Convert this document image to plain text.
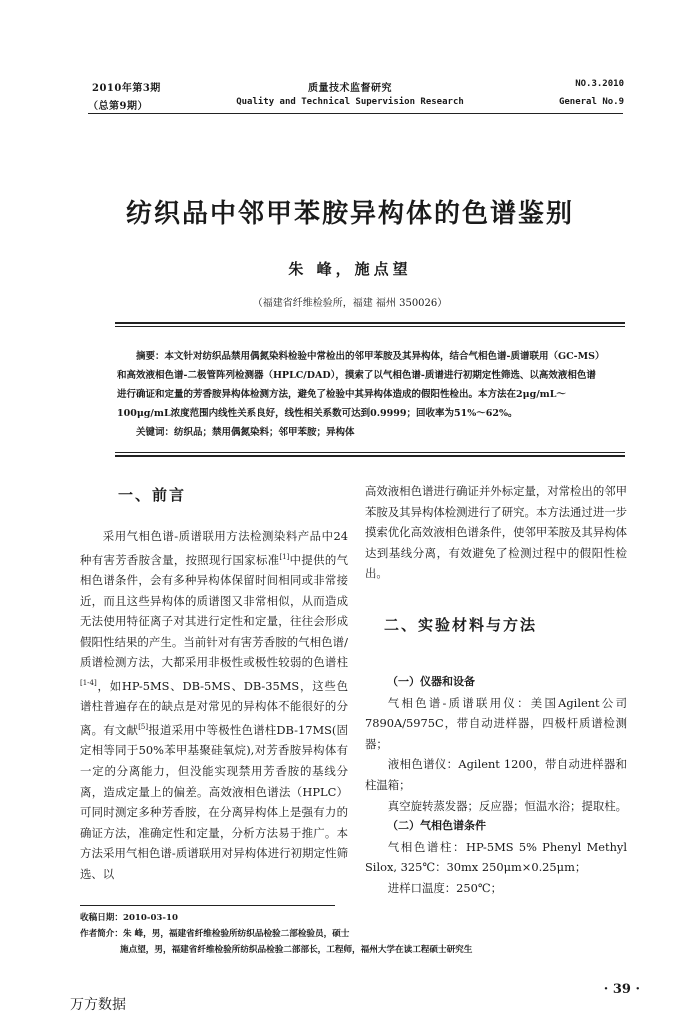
2010年第3期
（总第9期）
质量技术监督研究
Quality and Technical Supervision Research
NO.3.2010
General No.9
纺织品中邻甲苯胺异构体的色谱鉴别
朱 峰，施点望
（福建省纤维检验所，福建 福州 350026）
摘要：本文针对纺织品禁用偶氮染料检验中常检出的邻甲苯胺及其异构体，结合气相色谱-质谱联用（GC-MS）和高效液相色谱-二极管阵列检测器（HPLC/DAD），摸索了以气相色谱-质谱进行初期定性筛选、以高效液相色谱进行确证和定量的芳香胺异构体检测方法，避免了检验中其异构体造成的假阳性检出。本方法在2μg/mL～100μg/mL浓度范围内线性关系良好，线性相关系数可达到0.9999；回收率为51%～62%。
关键词：纺织品；禁用偶氮染料；邻甲苯胺；异构体
一、前言

采用气相色谱-质谱联用方法检测染料产品中24种有害芳香胺含量，按照现行国家标准[1]中提供的气相色谱条件，会有多种异构体保留时间相同或非常接近，而且这些异构体的质谱图又非常相似，从而造成无法使用特征离子对其进行定性和定量，往往会形成假阳性结果的产生。当前针对有害芳香胺的气相色谱/质谱检测方法，大都采用非极性或极性较弱的色谱柱[1-4]，如HP-5MS、DB-5MS、DB-35MS，这些色谱柱普遍存在的缺点是对常见的异构体不能很好的分离。有文献[5]报道采用中等极性色谱柱DB-17MS(固定相等同于50%苯甲基聚硅氧烷),对芳香胺异构体有一定的分离能力，但没能实现禁用芳香胺的基线分离，造成定量上的偏差。高效液相色谱法（HPLC）可同时测定多种芳香胺，在分离异构体上是强有力的确证方法，准确定性和定量，分析方法易于推广。本方法采用气相色谱-质谱联用对异构体进行初期定性筛选、以

高效液相色谱进行确证并外标定量，对常检出的邻甲苯胺及其异构体检测进行了研究。本方法通过进一步摸索优化高效液相色谱条件，使邻甲苯胺及其异构体达到基线分离，有效避免了检测过程中的假阳性检出。
二、实验材料与方法

（一）仪器和设备

气相色谱-质谱联用仪：美国Agilent公司7890A/5975C，带自动进样器，四极杆质谱检测器；

液相色谱仪：Agilent 1200，带自动进样器和柱温箱；

真空旋转蒸发器；反应器；恒温水浴；提取柱。

（二）气相色谱条件

气相色谱柱：HP-5MS 5% Phenyl Methyl Silox, 325℃：30mx 250μm×0.25μm；

进样口温度：250℃；

收稿日期：2010-03-10
作者简介：朱 峰，男，福建省纤维检验所纺织品检验二部检验员，硕士
施点望，男，福建省纤维检验所纺织品检验二部部长，工程师，福州大学在读工程硕士研究生
· 39 ·
万方数据
